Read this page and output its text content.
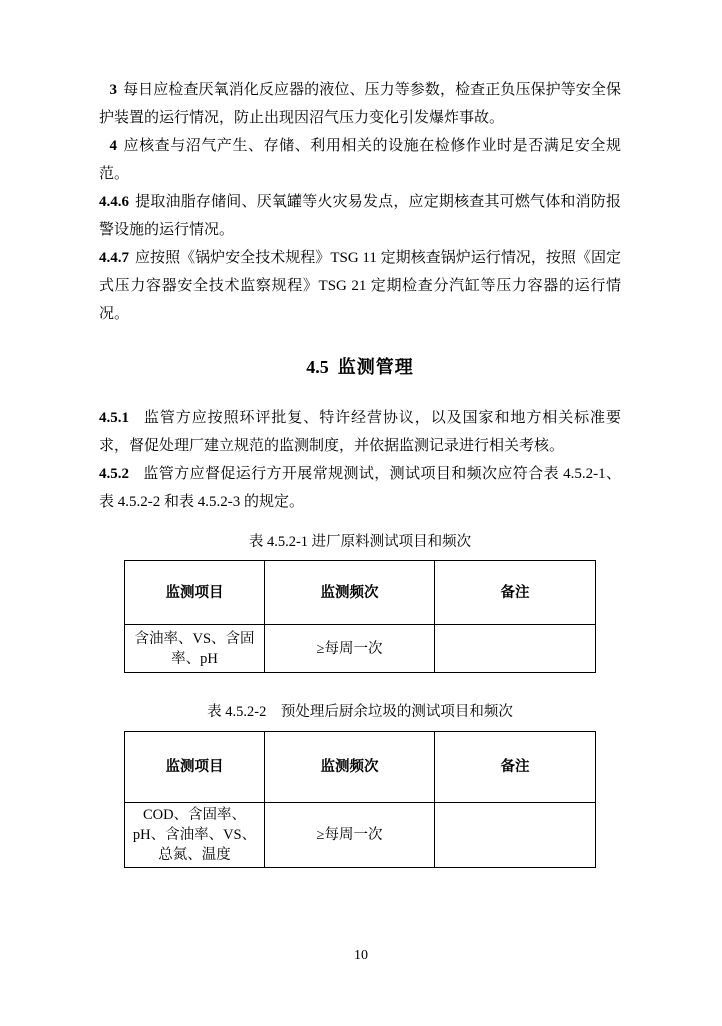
3 每日应检查厌氧消化反应器的液位、压力等参数，检查正负压保护等安全保护装置的运行情况，防止出现因沼气压力变化引发爆炸事故。

4 应核查与沼气产生、存储、利用相关的设施在检修作业时是否满足安全规范。

4.4.6 提取油脂存储间、厌氧罐等火灾易发点，应定期核查其可燃气体和消防报警设施的运行情况。

4.4.7 应按照《锅炉安全技术规程》TSG 11 定期核查锅炉运行情况，按照《固定式压力容器安全技术监察规程》TSG 21 定期检查分汽缸等压力容器的运行情况。

4.5 监测管理

4.5.1 监管方应按照环评批复、特许经营协议，以及国家和地方相关标准要求，督促处理厂建立规范的监测制度，并依据监测记录进行相关考核。

4.5.2 监管方应督促运行方开展常规测试，测试项目和频次应符合表 4.5.2-1、表 4.5.2-2 和表 4.5.2-3 的规定。

表 4.5.2-1 进厂原料测试项目和频次
监测项目	监测频次	备注
含油率、VS、含固率、pH	≥每周一次	
表 4.5.2-2　预处理后厨余垃圾的测试项目和频次
监测项目	监测频次	备注
COD、含固率、pH、含油率、VS、总氮、温度	≥每周一次	
10
